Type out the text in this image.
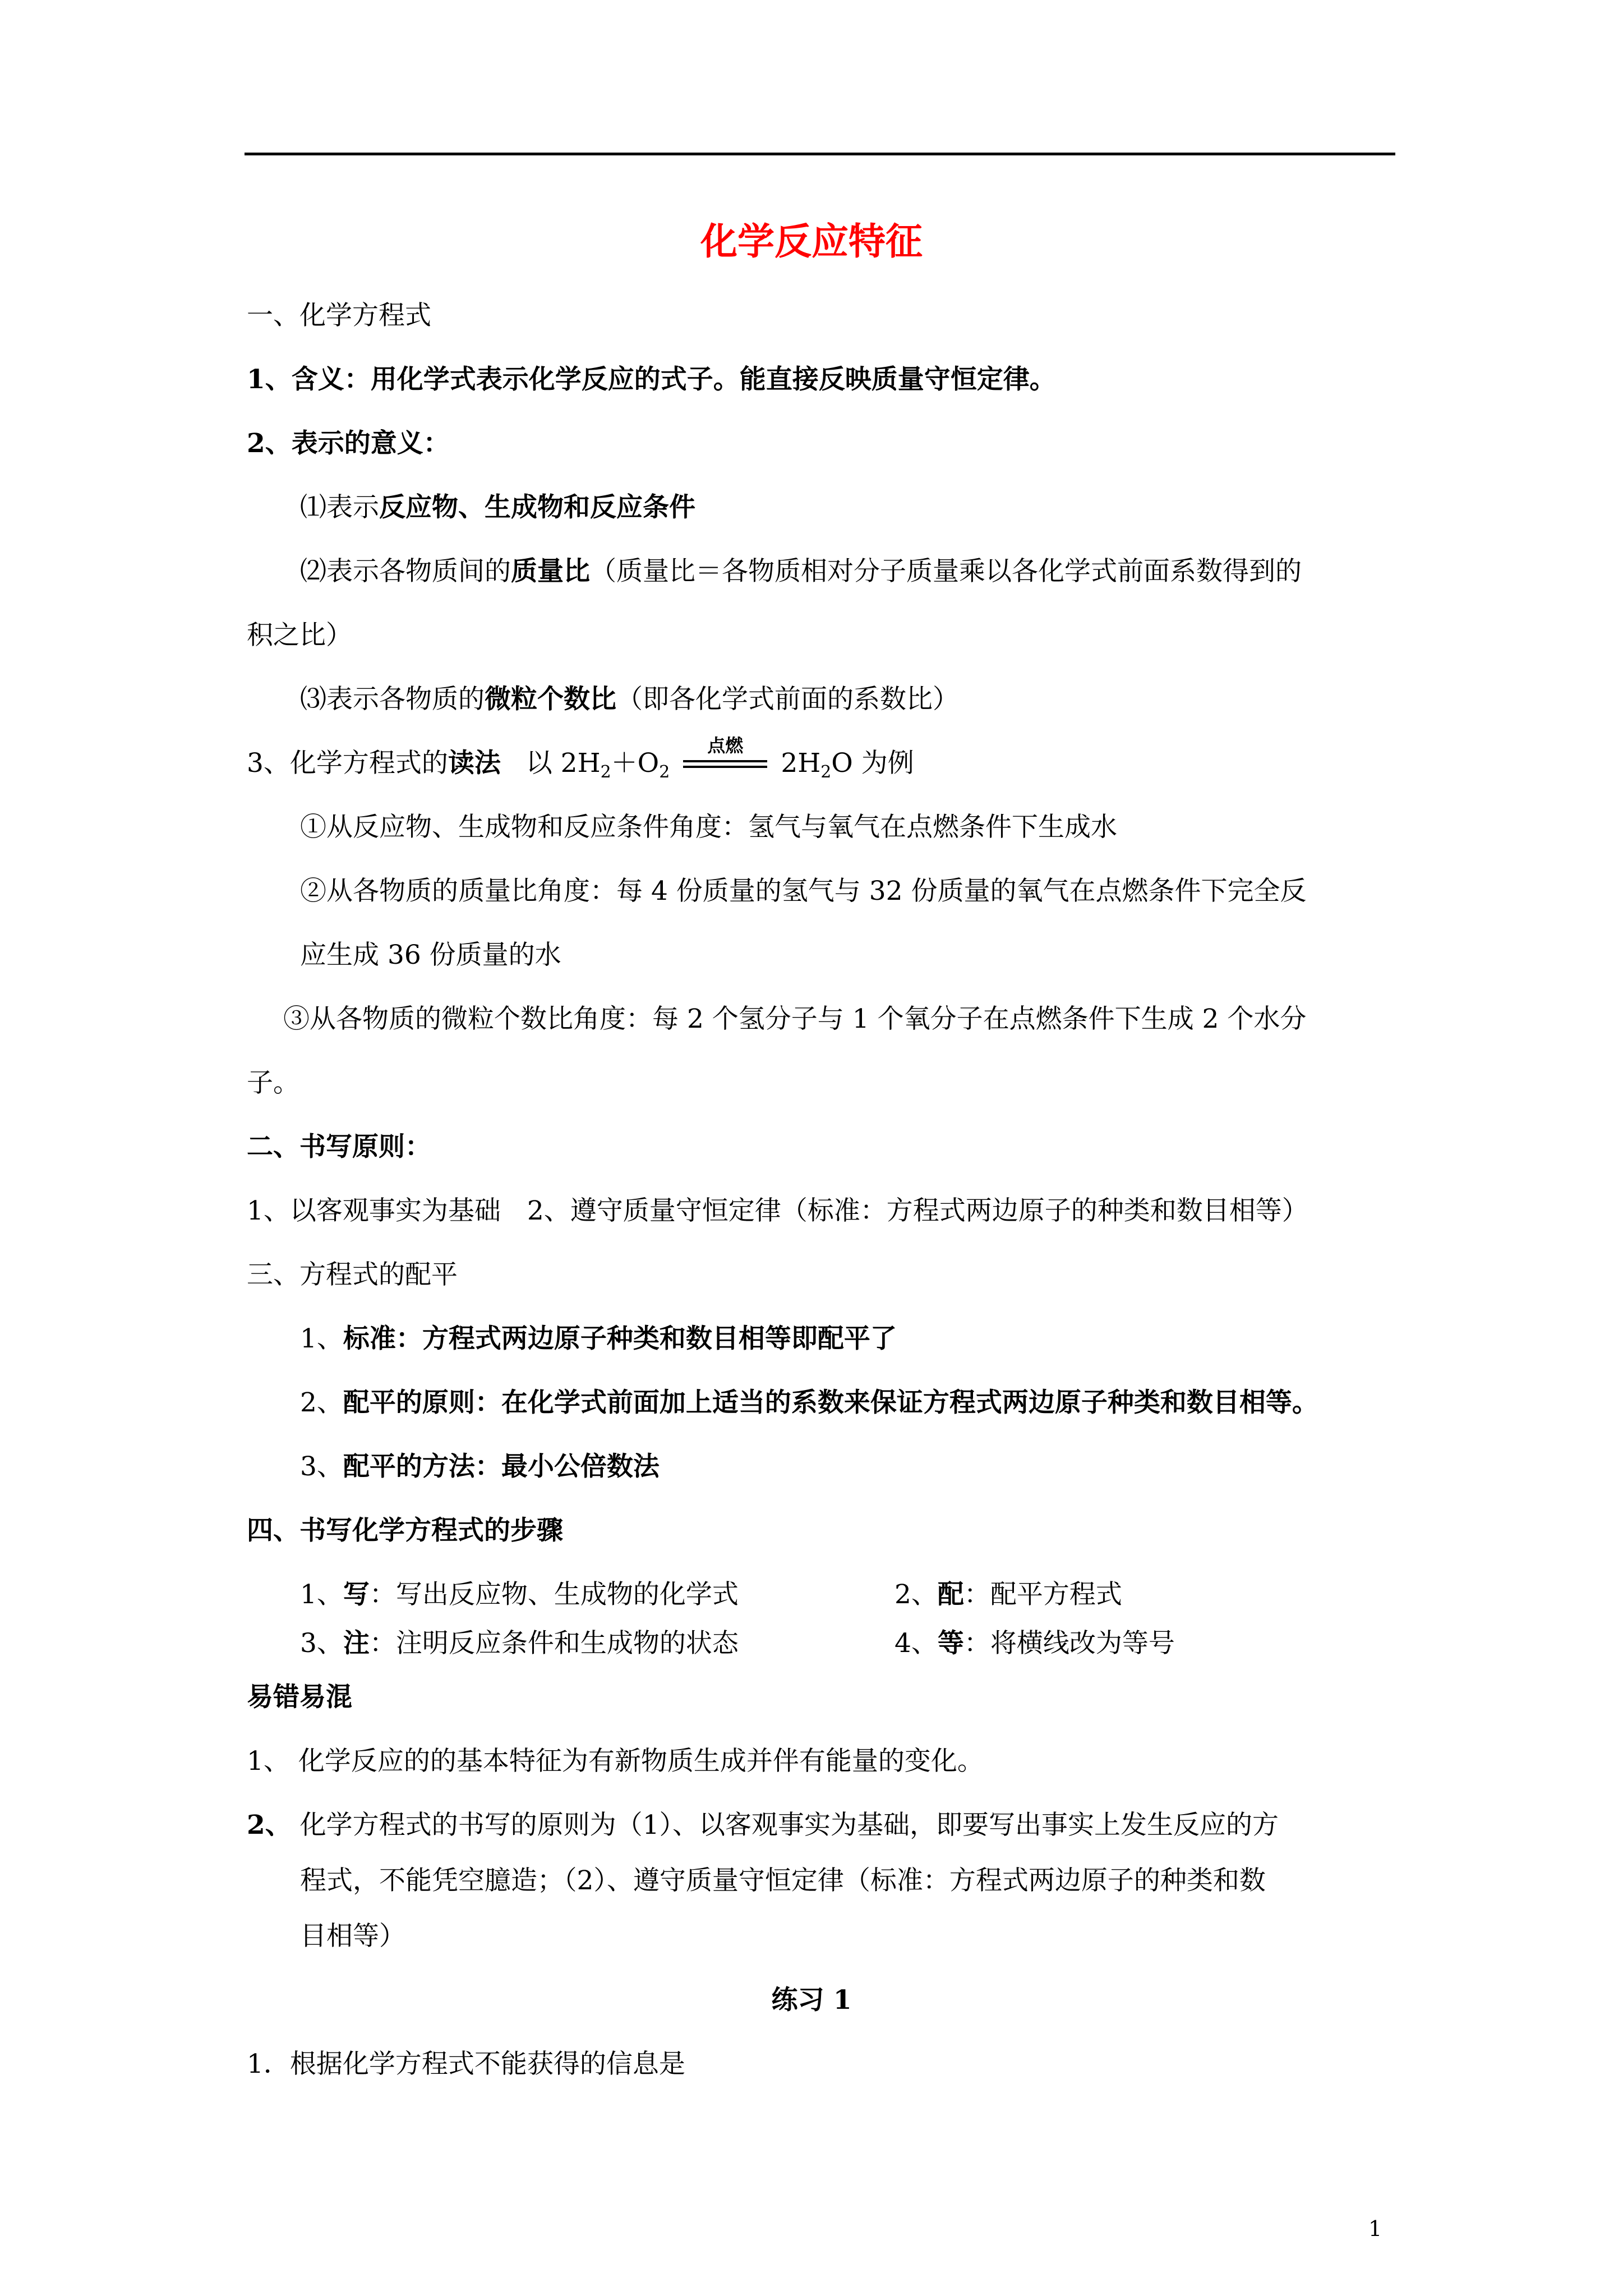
化学反应特征
一、化学方程式
1、含义：用化学式表示化学反应的式子。能直接反映质量守恒定律。
2、表示的意义：
⑴表示反应物、生成物和反应条件
⑵表示各物质间的质量比（质量比＝各物质相对分子质量乘以各化学式前面系数得到的
积之比）
⑶表示各物质的微粒个数比（即各化学式前面的系数比）
3、化学方程式的读法 以 $2H_2+O_2$
点燃
$2H_2O$ 为例
①从反应物、生成物和反应条件角度：氢气与氧气在点燃条件下生成水
②从各物质的质量比角度：每 4 份质量的氢气与 32 份质量的氧气在点燃条件下完全反
应生成 36 份质量的水
③从各物质的微粒个数比角度：每 2 个氢分子与 1 个氧分子在点燃条件下生成 2 个水分
子。
二、书写原则：
1、以客观事实为基础　2、遵守质量守恒定律（标准：方程式两边原子的种类和数目相等）
三、方程式的配平
1、标准：方程式两边原子种类和数目相等即配平了
2、配平的原则：在化学式前面加上适当的系数来保证方程式两边原子种类和数目相等。
3、配平的方法：最小公倍数法
四、书写化学方程式的步骤
1、写：写出反应物、生成物的化学式	2、配：配平方程式
3、注：注明反应条件和生成物的状态	4、等：将横线改为等号
易错易混
1、 化学反应的的基本特征为有新物质生成并伴有能量的变化。
2、 化学方程式的书写的原则为（1）、以客观事实为基础，即要写出事实上发生反应的方
程式，不能凭空臆造；（2）、遵守质量守恒定律（标准：方程式两边原子的种类和数
目相等）
练习 1
1．根据化学方程式不能获得的信息是
1
